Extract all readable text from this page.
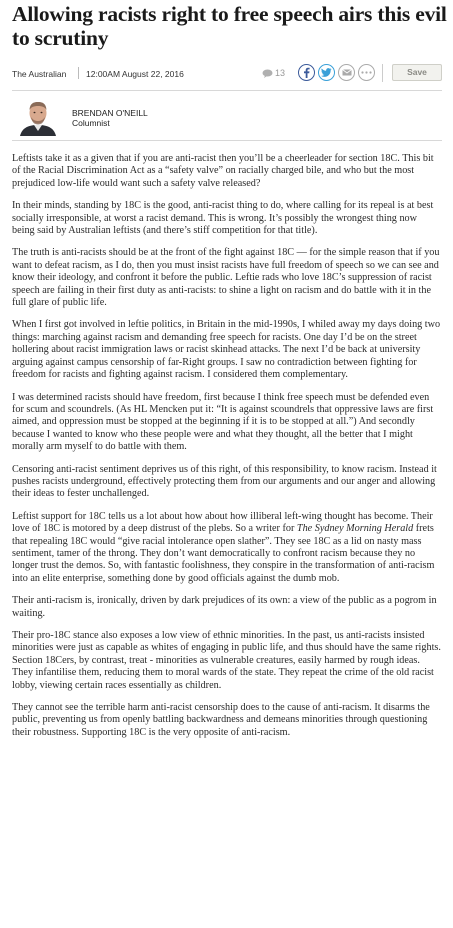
Allowing racists right to free speech airs this evil to scrutiny
The Australian 12:00AM August 22, 2016	13	Save
BRENDAN O'NEILL
Columnist

Leftists take it as a given that if you are anti-racist then you’ll be a cheerleader for section 18C. This bit of the Racial Discrimination Act as a “safety valve” on racially charged bile, and who but the most prejudiced low-life would want such a safety valve released?

In their minds, standing by 18C is the good, anti-racist thing to do, where calling for its repeal is at best socially irresponsible, at worst a racist demand. This is wrong. It’s possibly the wrongest thing now being said by Australian leftists (and there’s stiff competition for that title).

The truth is anti-racists should be at the front of the fight against 18C — for the simple reason that if you want to defeat racism, as I do, then you must insist racists have full freedom of speech so we can see and know their ideology, and confront it before the public. Leftie rads who love 18C’s suppression of racist speech are failing in their first duty as anti-racists: to shine a light on racism and do battle with it in the full glare of public life.

When I first got involved in leftie politics, in Britain in the mid-1990s, I whiled away my days doing two things: marching against racism and demanding free speech for racists. One day I’d be on the street hollering about racist immigration laws or racist skinhead attacks. The next I’d be back at university arguing against campus censorship of far-Right groups. I saw no contradiction between fighting for freedom for racists and fighting against racism. I considered them complementary.

I was determined racists should have freedom, first because I think free speech must be defended even for scum and scoundrels. (As HL Mencken put it: “It is against scoundrels that oppressive laws are first aimed, and oppression must be stopped at the beginning if it is to be stopped at all.”) And secondly because I wanted to know who these people were and what they thought, all the better that I might morally arm myself to do battle with them.

Censoring anti-racist sentiment deprives us of this right, of this responsibility, to know racism. Instead it pushes racists underground, effectively protecting them from our arguments and our anger and allowing their ideas to fester unchallenged.

Leftist support for 18C tells us a lot about how about how illiberal left-wing thought has become. Their love of 18C is motored by a deep distrust of the plebs. So a writer for The Sydney Morning Herald frets that repealing 18C would “give racial intolerance open slather”. They see 18C as a lid on nasty mass sentiment, tamer of the throng. They don’t want democratically to confront racism because they no longer trust the demos. So, with fantastic foolishness, they conspire in the transformation of anti-racism into an elite enterprise, something done by good officials against the dumb mob.

Their anti-racism is, ironically, driven by dark prejudices of its own: a view of the public as a pogrom in waiting.

Their pro-18C stance also exposes a low view of ethnic minorities. In the past, us anti-racists insisted minorities were just as capable as whites of engaging in public life, and thus should have the same rights. Section 18Cers, by contrast, treat - minorities as vulnerable creatures, easily harmed by rough ideas. They infantilise them, reducing them to moral wards of the state. They repeat the crime of the old racist lobby, viewing certain races essentially as children.

They cannot see the terrible harm anti-racist censorship does to the cause of anti-racism. It disarms the public, preventing us from openly battling backwardness and demeans minorities through questioning their robustness. Supporting 18C is the very opposite of anti-racism.
